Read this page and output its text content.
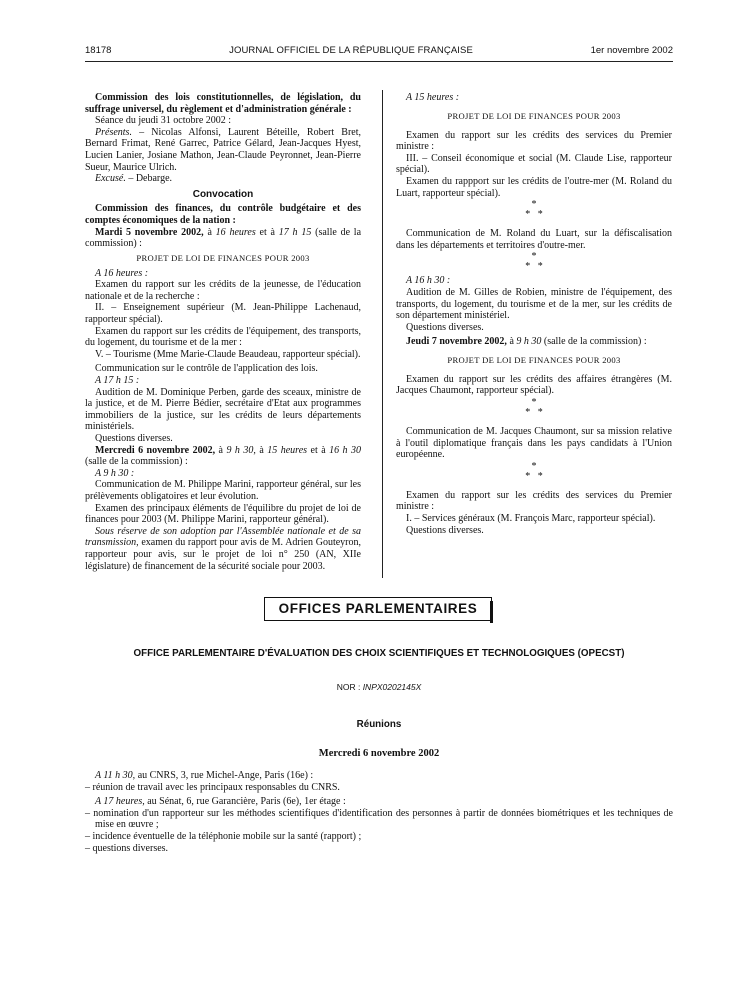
18178	JOURNAL OFFICIEL DE LA RÉPUBLIQUE FRANÇAISE	1er novembre 2002

Commission des lois constitutionnelles, de législation, du suffrage universel, du règlement et d'administration générale :

Séance du jeudi 31 octobre 2002 :

Présents. – Nicolas Alfonsi, Laurent Béteille, Robert Bret, Bernard Frimat, René Garrec, Patrice Gélard, Jean-Jacques Hyest, Lucien Lanier, Josiane Mathon, Jean-Claude Peyronnet, Jean-Pierre Sueur, Maurice Ulrich.

Excusé. – Debarge.

Convocation

Commission des finances, du contrôle budgétaire et des comptes économiques de la nation :

Mardi 5 novembre 2002, à 16 heures et à 17 h 15 (salle de la commission) :

PROJET DE LOI DE FINANCES POUR 2003

A 16 heures :

Examen du rapport sur les crédits de la jeunesse, de l'éducation nationale et de la recherche :

II. – Enseignement supérieur (M. Jean-Philippe Lachenaud, rapporteur spécial).

Examen du rapport sur les crédits de l'équipement, des transports, du logement, du tourisme et de la mer :

V. – Tourisme (Mme Marie-Claude Beaudeau, rapporteur spécial).

Communication sur le contrôle de l'application des lois.

A 17 h 15 :

Audition de M. Dominique Perben, garde des sceaux, ministre de la justice, et de M. Pierre Bédier, secrétaire d'Etat aux programmes immobiliers de la justice, sur les crédits de leurs départements ministériels.

Questions diverses.

Mercredi 6 novembre 2002, à 9 h 30, à 15 heures et à 16 h 30 (salle de la commission) :

A 9 h 30 :

Communication de M. Philippe Marini, rapporteur général, sur les prélèvements obligatoires et leur évolution.

Examen des principaux éléments de l'équilibre du projet de loi de finances pour 2003 (M. Philippe Marini, rapporteur général).

Sous réserve de son adoption par l'Assemblée nationale et de sa transmission, examen du rapport pour avis de M. Adrien Gouteyron, rapporteur pour avis, sur le projet de loi n° 250 (AN, XIIe législature) de financement de la sécurité sociale pour 2003.

A 15 heures :

PROJET DE LOI DE FINANCES POUR 2003

Examen du rapport sur les crédits des services du Premier ministre :

III. – Conseil économique et social (M. Claude Lise, rapporteur spécial).

Examen du rappport sur les crédits de l'outre-mer (M. Roland du Luart, rapporteur spécial).

*
*   *

Communication de M. Roland du Luart, sur la défiscalisation dans les départements et territoires d'outre-mer.

*
*   *

A 16 h 30 :

Audition de M. Gilles de Robien, ministre de l'équipement, des transports, du logement, du tourisme et de la mer, sur les crédits de son département ministériel.

Questions diverses.

Jeudi 7 novembre 2002, à 9 h 30 (salle de la commission) :

PROJET DE LOI DE FINANCES POUR 2003

Examen du rapport sur les crédits des affaires étrangères (M. Jacques Chaumont, rapporteur spécial).

*
*   *

Communication de M. Jacques Chaumont, sur sa mission relative à l'outil diplomatique français dans les pays candidats à l'Union européenne.

*
*   *

Examen du rapport sur les crédits des services du Premier ministre :

I. – Services généraux (M. François Marc, rapporteur spécial).

Questions diverses.

OFFICES PARLEMENTAIRES
OFFICE PARLEMENTAIRE D'ÉVALUATION DES CHOIX SCIENTIFIQUES ET TECHNOLOGIQUES (OPECST)
NOR : INPX0202145X
Réunions
Mercredi 6 novembre 2002

A 11 h 30, au CNRS, 3, rue Michel-Ange, Paris (16e) :

– réunion de travail avec les principaux responsables du CNRS.

A 17 heures, au Sénat, 6, rue Garancière, Paris (6e), 1er étage :

– nomination d'un rapporteur sur les méthodes scientifiques d'identification des personnes à partir de données biométriques et les techniques de mise en œuvre ;

– incidence éventuelle de la téléphonie mobile sur la santé (rapport) ;

– questions diverses.
